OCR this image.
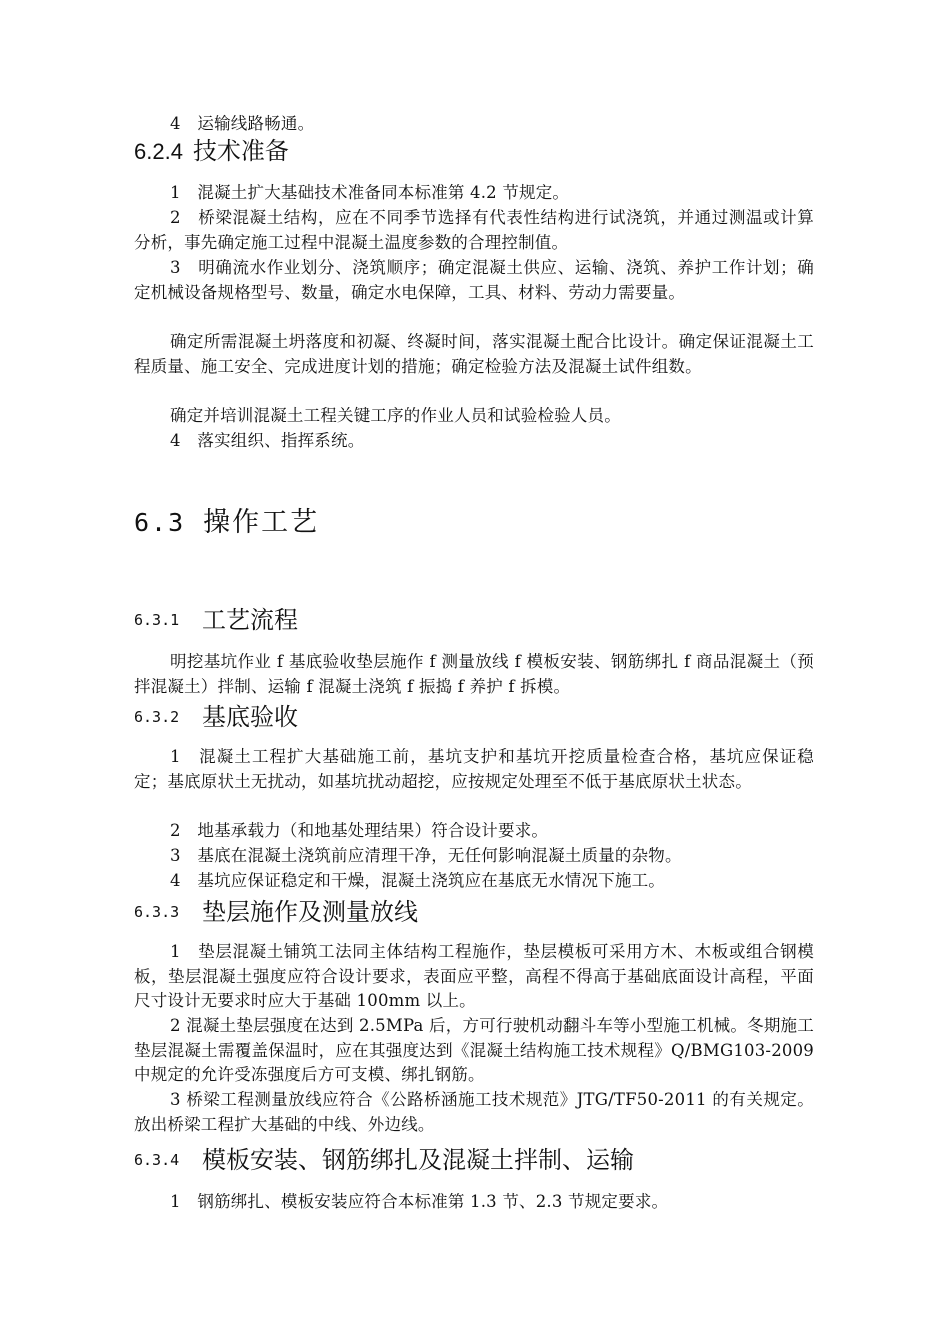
4　运输线路畅通。

6.2.4 技术准备

1　混凝土扩大基础技术准备同本标准第 4.2 节规定。

2　桥梁混凝土结构，应在不同季节选择有代表性结构进行试浇筑，并通过测温或计算分析，事先确定施工过程中混凝土温度参数的合理控制值。

3　明确流水作业划分、浇筑顺序；确定混凝土供应、运输、浇筑、养护工作计划；确定机械设备规格型号、数量，确定水电保障，工具、材料、劳动力需要量。

确定所需混凝土坍落度和初凝、终凝时间，落实混凝土配合比设计。确定保证混凝土工程质量、施工安全、完成进度计划的措施；确定检验方法及混凝土试件组数。

确定并培训混凝土工程关键工序的作业人员和试验检验人员。

4　落实组织、指挥系统。

6.3 操作工艺
6.3.1 工艺流程

明挖基坑作业 f 基底验收垫层施作 f 测量放线 f 模板安装、钢筋绑扎 f 商品混凝土（预拌混凝土）拌制、运输 f 混凝土浇筑 f 振捣 f 养护 f 拆模。

6.3.2 基底验收

1　混凝土工程扩大基础施工前，基坑支护和基坑开挖质量检查合格，基坑应保证稳定；基底原状土无扰动，如基坑扰动超挖，应按规定处理至不低于基底原状土状态。

2　地基承载力（和地基处理结果）符合设计要求。

3　基底在混凝土浇筑前应清理干净，无任何影响混凝土质量的杂物。

4　基坑应保证稳定和干燥，混凝土浇筑应在基底无水情况下施工。

6.3.3 垫层施作及测量放线

1　垫层混凝土铺筑工法同主体结构工程施作，垫层模板可采用方木、木板或组合钢模板，垫层混凝土强度应符合设计要求，表面应平整，高程不得高于基础底面设计高程，平面尺寸设计无要求时应大于基础 100mm 以上。

2 混凝土垫层强度在达到 2.5MPa 后，方可行驶机动翻斗车等小型施工机械。冬期施工垫层混凝土需覆盖保温时，应在其强度达到《混凝土结构施工技术规程》Q/BMG103-2009 中规定的允许受冻强度后方可支模、绑扎钢筋。

3 桥梁工程测量放线应符合《公路桥涵施工技术规范》JTG/TF50-2011 的有关规定。放出桥梁工程扩大基础的中线、外边线。

6.3.4 模板安装、钢筋绑扎及混凝土拌制、运输

1　钢筋绑扎、模板安装应符合本标准第 1.3 节、2.3 节规定要求。
